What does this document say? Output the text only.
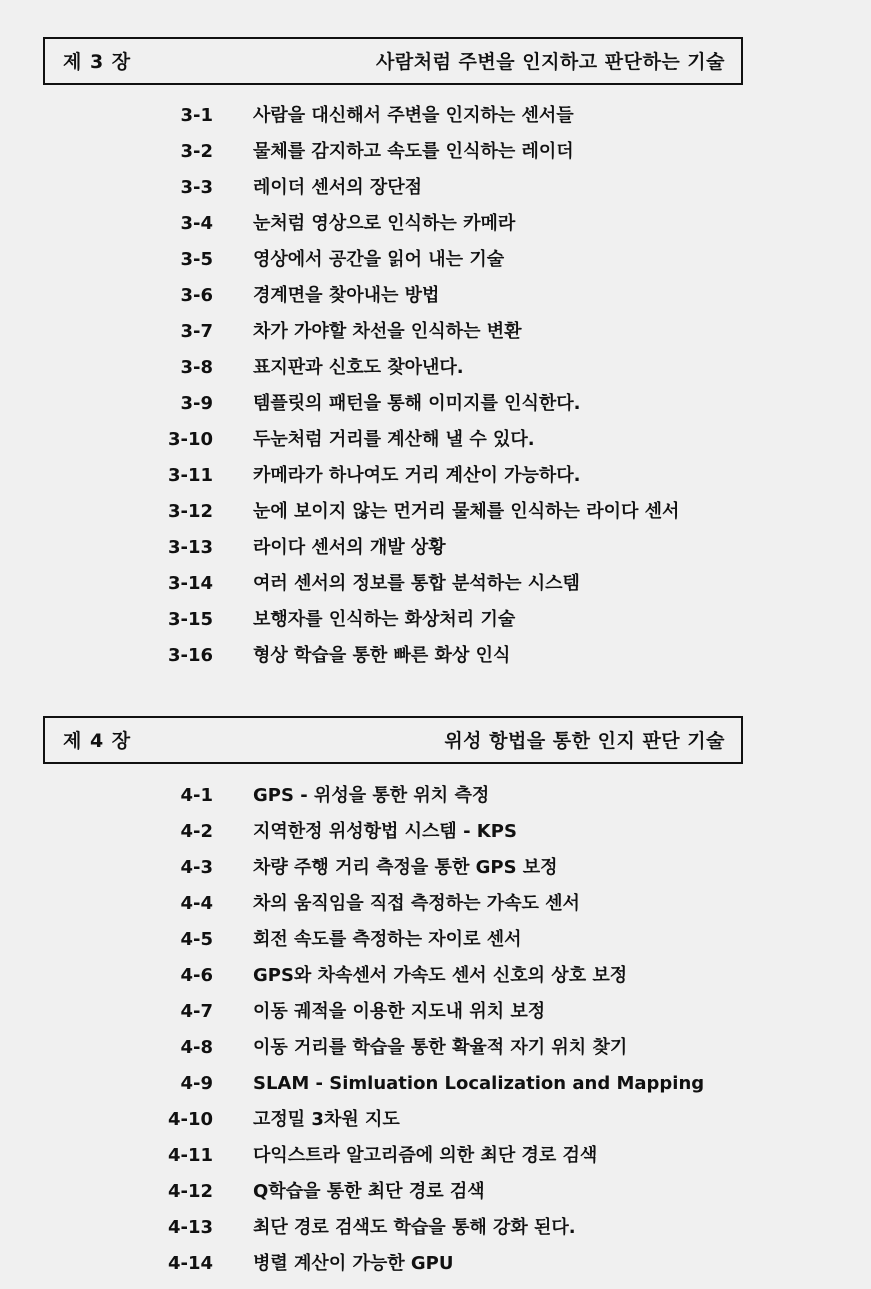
제 3 장	사람처럼 주변을 인지하고 판단하는 기술
3-1 사람을 대신해서 주변을 인지하는 센서들
3-2 물체를 감지하고 속도를 인식하는 레이더
3-3 레이더 센서의 장단점
3-4 눈처럼 영상으로 인식하는 카메라
3-5 영상에서 공간을 읽어 내는 기술
3-6 경계면을 찾아내는 방법
3-7 차가 가야할 차선을 인식하는 변환
3-8 표지판과 신호도 찾아낸다.
3-9 템플릿의 패턴을 통해 이미지를 인식한다.
3-10 두눈처럼 거리를 계산해 낼 수 있다.
3-11 카메라가 하나여도 거리 계산이 가능하다.
3-12 눈에 보이지 않는 먼거리 물체를 인식하는 라이다 센서
3-13 라이다 센서의 개발 상황
3-14 여러 센서의 정보를 통합 분석하는 시스템
3-15 보행자를 인식하는 화상처리 기술
3-16 형상 학습을 통한 빠른 화상 인식
제 4 장	위성 항법을 통한 인지 판단 기술
4-1 GPS - 위성을 통한 위치 측정
4-2 지역한정 위성항법 시스템 - KPS
4-3 차량 주행 거리 측정을 통한 GPS 보정
4-4 차의 움직임을 직접 측정하는 가속도 센서
4-5 회전 속도를 측정하는 자이로 센서
4-6 GPS와 차속센서 가속도 센서 신호의 상호 보정
4-7 이동 궤적을 이용한 지도내 위치 보정
4-8 이동 거리를 학습을 통한 확율적 자기 위치 찾기
4-9 SLAM - Simluation Localization and Mapping
4-10 고정밀 3차원 지도
4-11 다익스트라 알고리즘에 의한 최단 경로 검색
4-12 Q학습을 통한 최단 경로 검색
4-13 최단 경로 검색도 학습을 통해 강화 된다.
4-14 병렬 계산이 가능한 GPU
